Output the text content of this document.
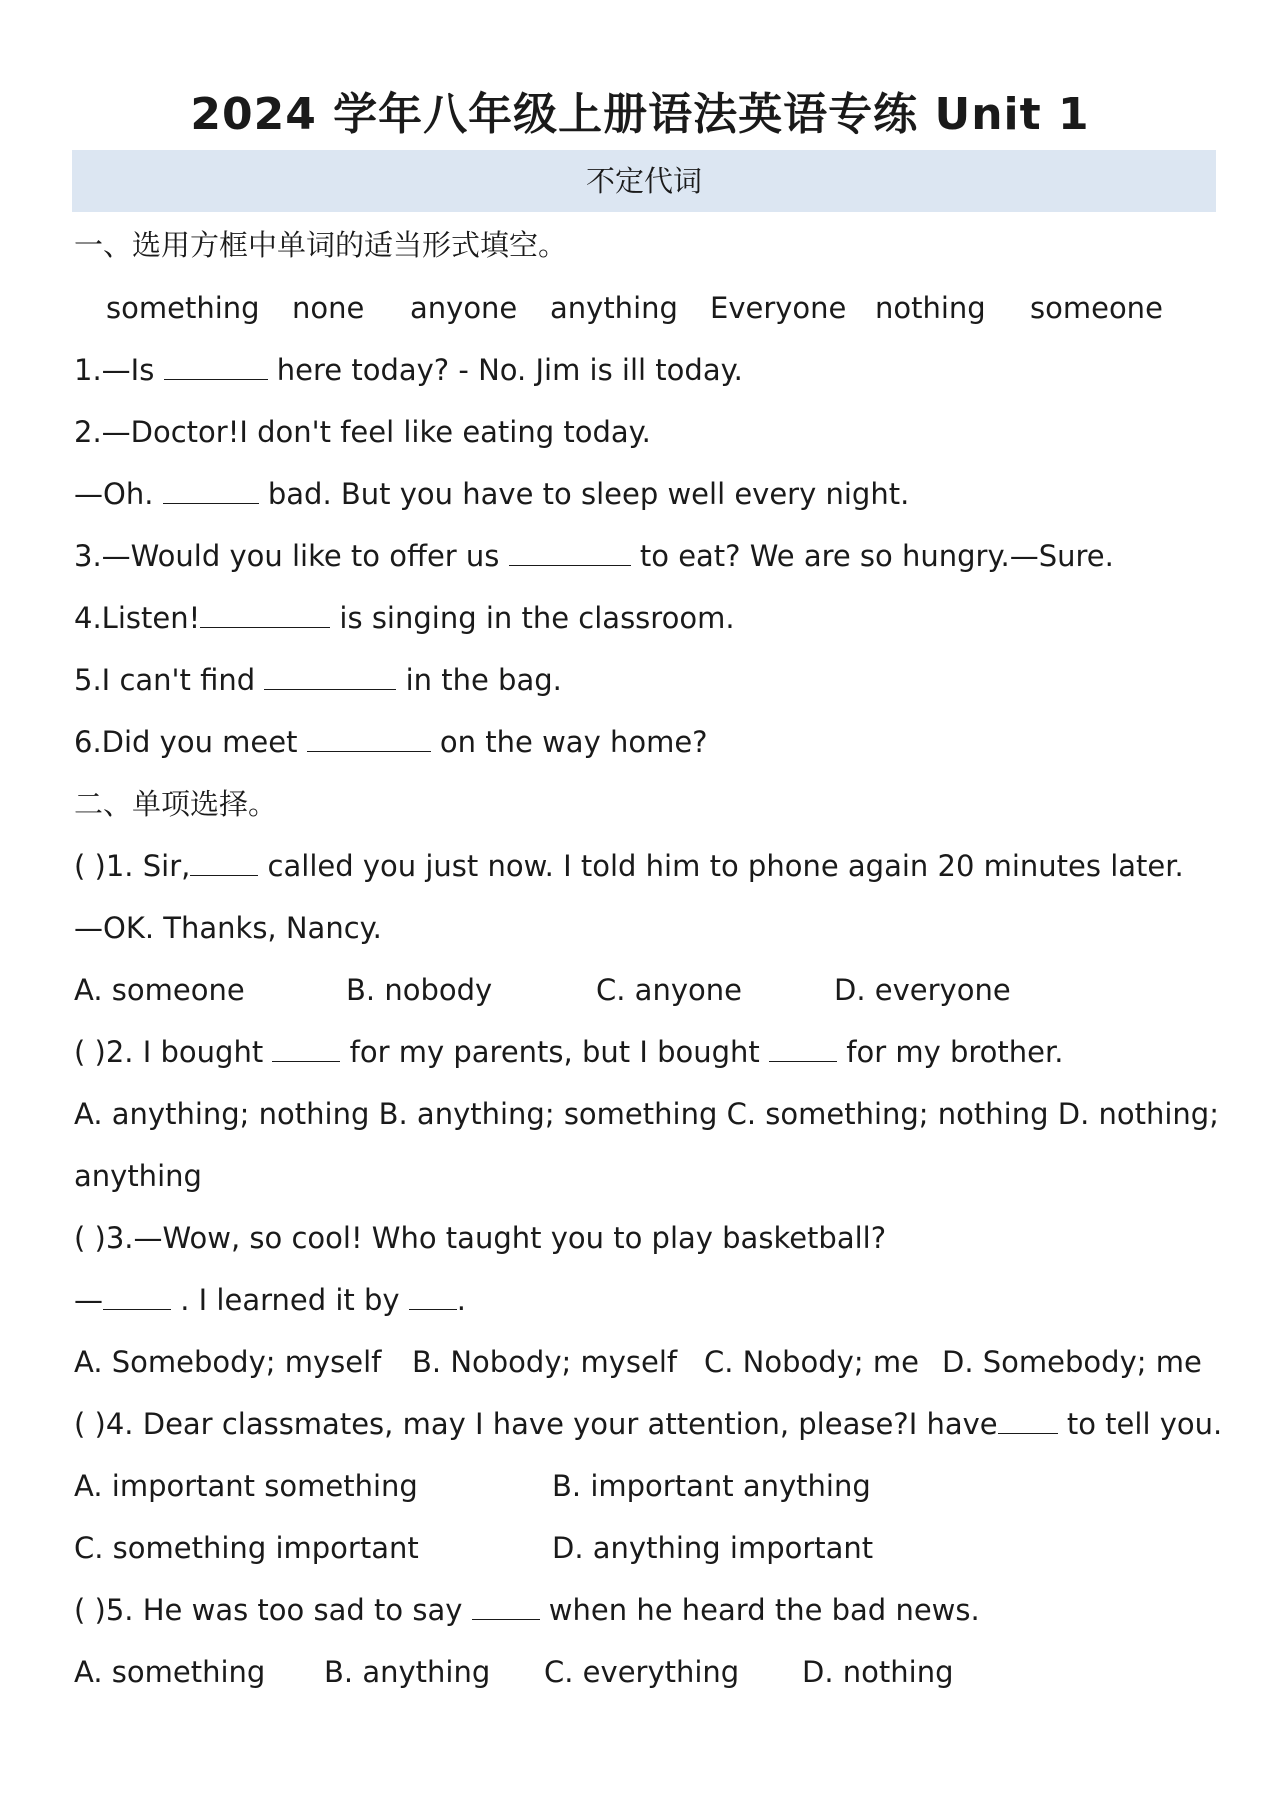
2024 学年八年级上册语法英语专练 Unit 1
不定代词
一、选用方框中单词的适当形式填空。
something none anyone anything Everyone nothing someone
1.—Is	here today? - No. Jim is ill today.
2.—Doctor!I don't feel like eating today.
—Oh.	bad. But you have to sleep well every night.
3.—Would you like to offer us	to eat? We are so hungry.—Sure.
4.Listen!	is singing in the classroom.
5.I can't find	in the bag.
6.Did you meet	on the way home?
二、单项选择。
( )1. Sir, called you just now. I told him to phone again 20 minutes later.
—OK. Thanks, Nancy.
A. someone	B. nobody	C. anyone	D. everyone
( )2. I bought  for my parents, but I bought  for my brother.
A. anything; nothing B. anything; something C. something; nothing D. nothing;
anything
( )3.—Wow, so cool! Who taught you to play basketball?
— . I learned it by .
A. Somebody; myself B. Nobody; myself C. Nobody; me D. Somebody; me
( )4. Dear classmates, may I have your attention, please?I have to tell you.
A. important something	B. important anything
C. something important	D. anything important
( )5. He was too sad to say  when he heard the bad news.
A. something B. anything C. everything D. nothing
